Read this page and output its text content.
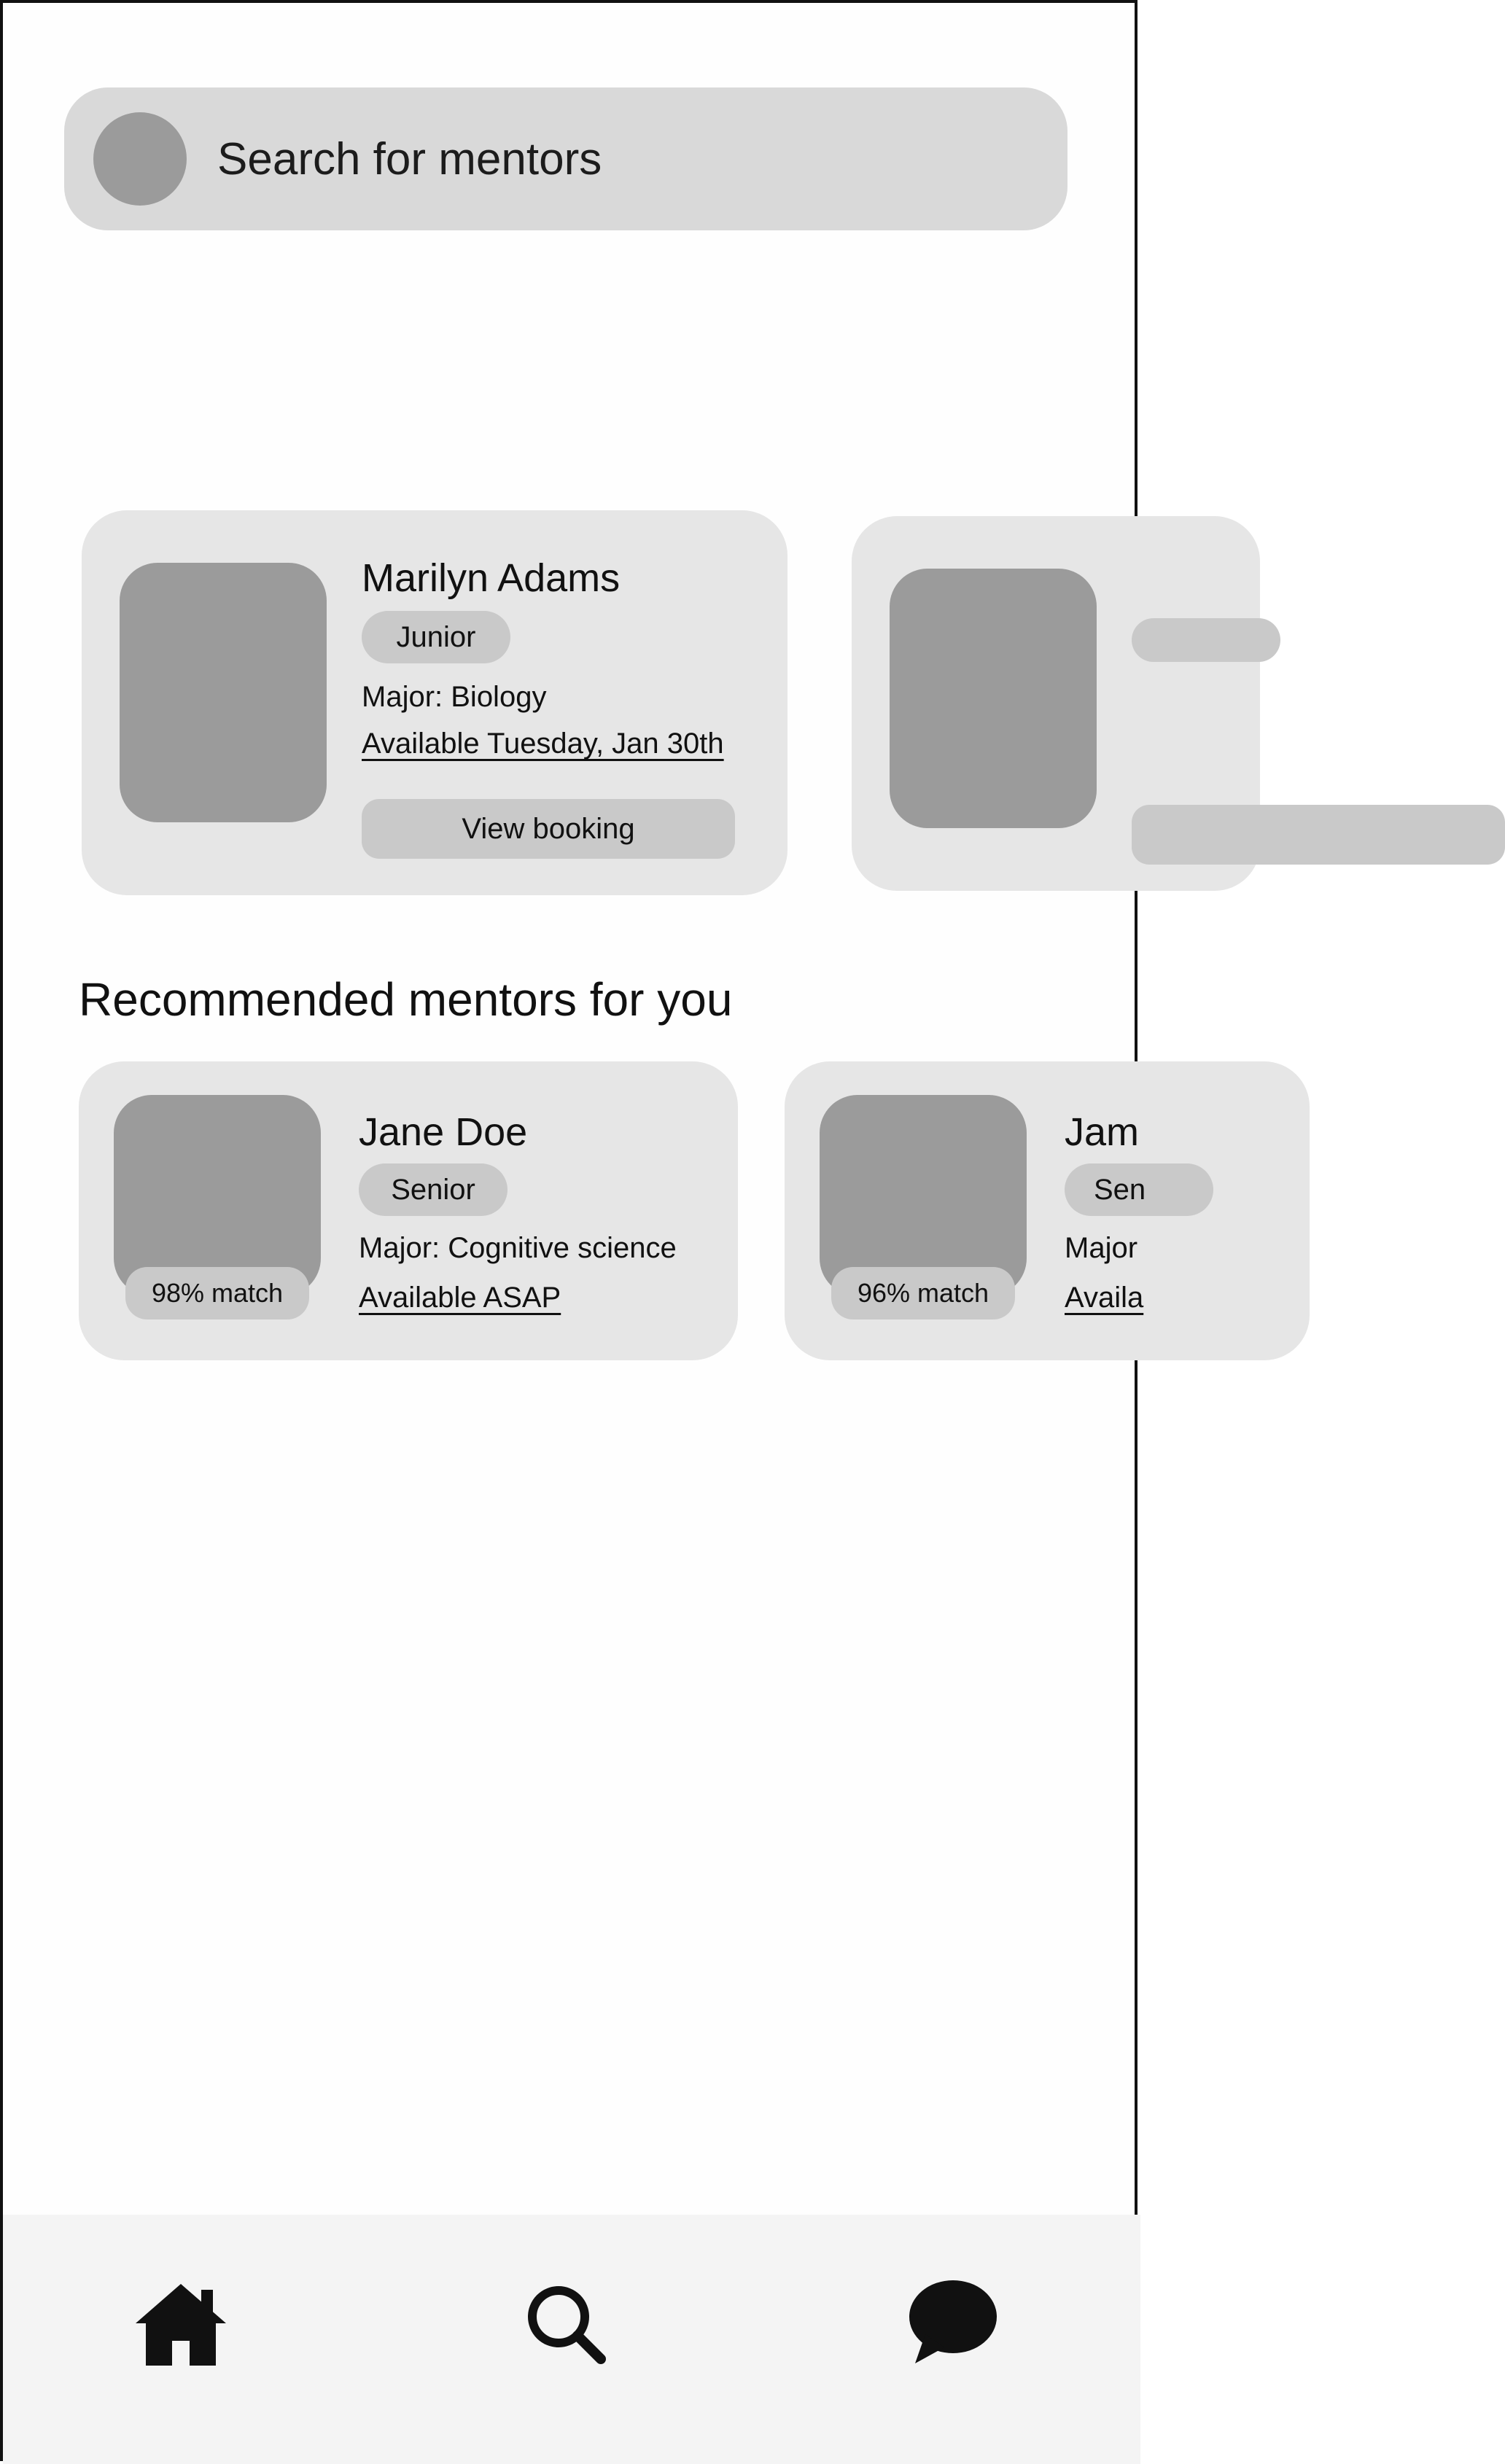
Search for mentors
Marilyn Adams
Junior
Major: Biology
Available Tuesday, Jan 30th
View booking
Recommended mentors for you
98% match
Jane Doe
Senior
Major: Cognitive science
Available ASAP	96% match
Jam
Sen
Major
Availa
